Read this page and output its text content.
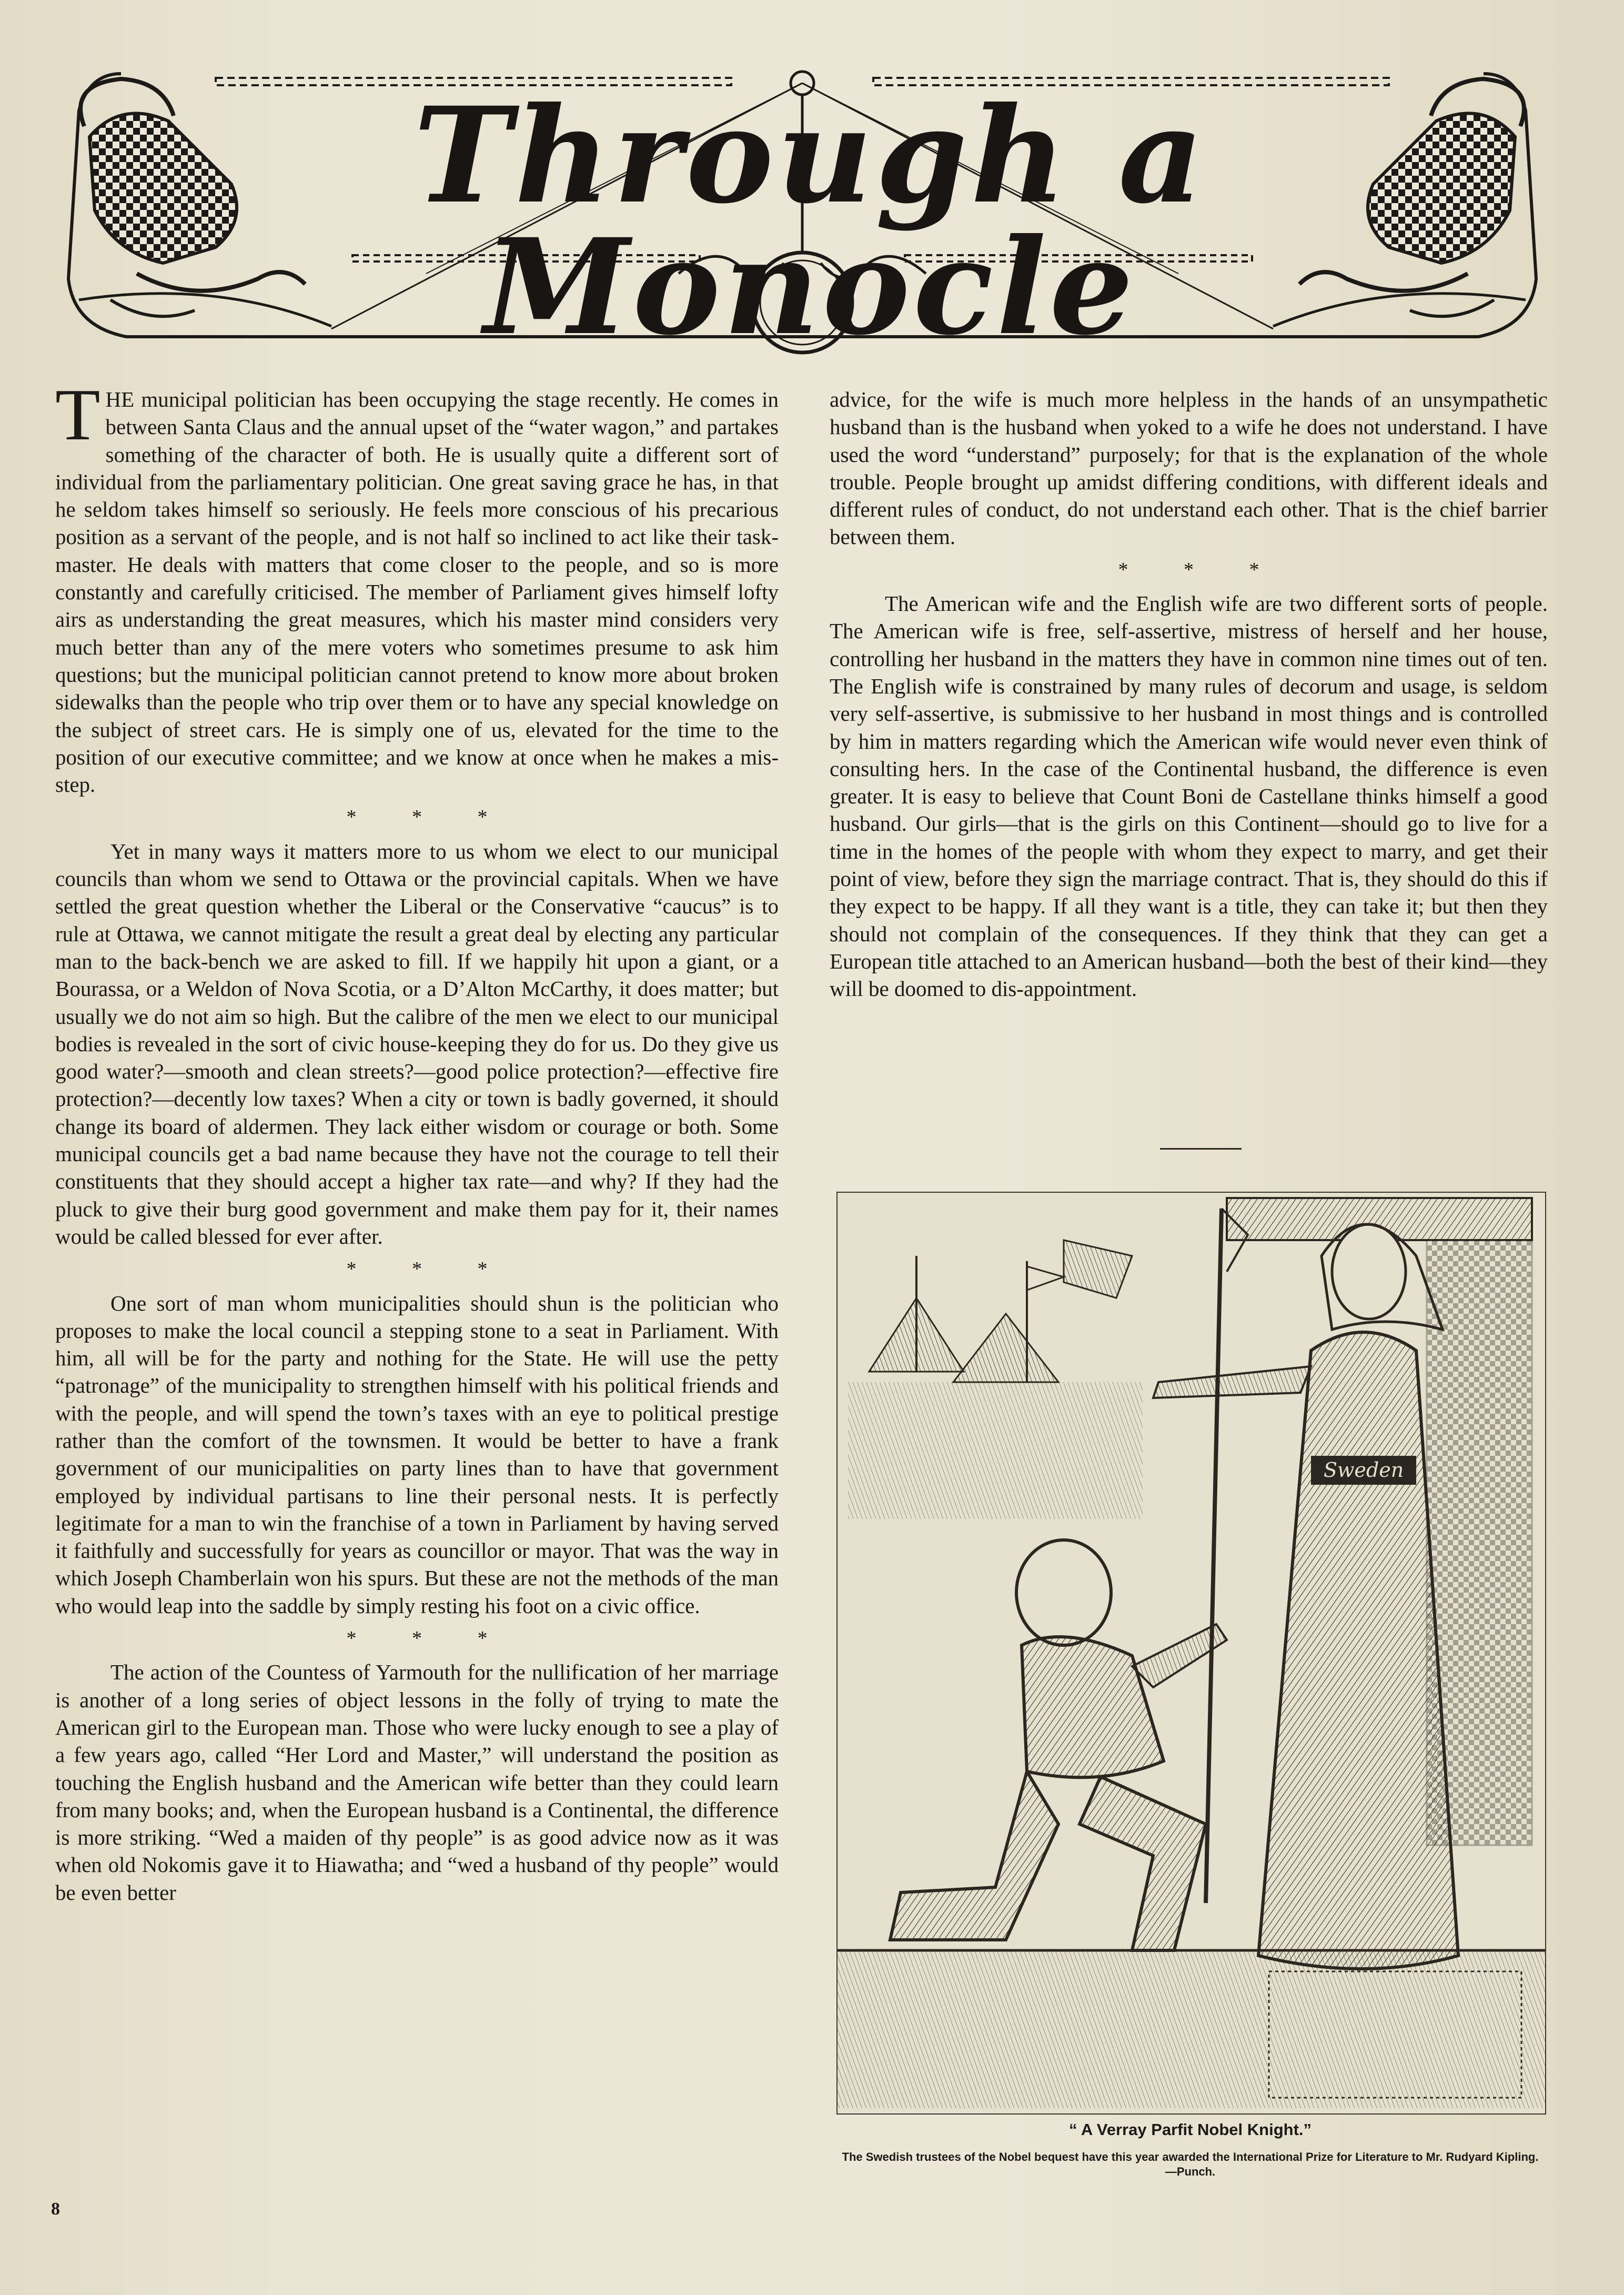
Through a Monocle

THE municipal politician has been occupying the stage recently. He comes in between Santa Claus and the annual upset of the “water wagon,” and partakes something of the character of both. He is usually quite a different sort of individual from the parliamentary politician. One great saving grace he has, in that he seldom takes himself so seriously. He feels more conscious of his precarious position as a servant of the people, and is not half so inclined to act like their task-master. He deals with matters that come closer to the people, and so is more constantly and carefully criticised. The member of Parliament gives himself lofty airs as understanding the great measures, which his master mind considers very much better than any of the mere voters who sometimes presume to ask him questions; but the municipal politician cannot pretend to know more about broken sidewalks than the people who trip over them or to have any special knowledge on the subject of street cars. He is simply one of us, elevated for the time to the position of our executive committee; and we know at once when he makes a mis-step.

* * *

Yet in many ways it matters more to us whom we elect to our municipal councils than whom we send to Ottawa or the provincial capitals. When we have settled the great question whether the Liberal or the Conservative “caucus” is to rule at Ottawa, we cannot mitigate the result a great deal by electing any particular man to the back-bench we are asked to fill. If we happily hit upon a giant, or a Bourassa, or a Weldon of Nova Scotia, or a D’Alton McCarthy, it does matter; but usually we do not aim so high. But the calibre of the men we elect to our municipal bodies is revealed in the sort of civic house-keeping they do for us. Do they give us good water?—smooth and clean streets?—good police protection?—effective fire protection?—decently low taxes? When a city or town is badly governed, it should change its board of aldermen. They lack either wisdom or courage or both. Some municipal councils get a bad name because they have not the courage to tell their constituents that they should accept a higher tax rate—and why? If they had the pluck to give their burg good government and make them pay for it, their names would be called blessed for ever after.

* * *

One sort of man whom municipalities should shun is the politician who proposes to make the local council a stepping stone to a seat in Parliament. With him, all will be for the party and nothing for the State. He will use the petty “patronage” of the municipality to strengthen himself with his political friends and with the people, and will spend the town’s taxes with an eye to political prestige rather than the comfort of the townsmen. It would be better to have a frank government of our municipalities on party lines than to have that government employed by individual partisans to line their personal nests. It is perfectly legitimate for a man to win the franchise of a town in Parliament by having served it faithfully and successfully for years as councillor or mayor. That was the way in which Joseph Chamberlain won his spurs. But these are not the methods of the man who would leap into the saddle by simply resting his foot on a civic office.

* * *

The action of the Countess of Yarmouth for the nullification of her marriage is another of a long series of object lessons in the folly of trying to mate the American girl to the European man. Those who were lucky enough to see a play of a few years ago, called “Her Lord and Master,” will understand the position as touching the English husband and the American wife better than they could learn from many books; and, when the European husband is a Continental, the difference is more striking. “Wed a maiden of thy people” is as good advice now as it was when old Nokomis gave it to Hiawatha; and “wed a husband of thy people” would be even better

advice, for the wife is much more helpless in the hands of an unsympathetic husband than is the husband when yoked to a wife he does not understand. I have used the word “understand” purposely; for that is the explanation of the whole trouble. People brought up amidst differing conditions, with different ideals and different rules of conduct, do not understand each other. That is the chief barrier between them.

* * *

The American wife and the English wife are two different sorts of people. The American wife is free, self-assertive, mistress of herself and her house, controlling her husband in the matters they have in common nine times out of ten. The English wife is constrained by many rules of decorum and usage, is seldom very self-assertive, is submissive to her husband in most things and is controlled by him in matters regarding which the American wife would never even think of consulting hers. In the case of the Continental husband, the difference is even greater. It is easy to believe that Count Boni de Castellane thinks himself a good husband. Our girls—that is the girls on this Continent—should go to live for a time in the homes of the people with whom they expect to marry, and get their point of view, before they sign the marriage contract. That is, they should do this if they expect to be happy. If all they want is a title, they can take it; but then they should not complain of the consequences. If they think that they can get a European title attached to an American husband—both the best of their kind—they will be doomed to dis-appointment.

Sweden
“ A Verray Parfit Nobel Knight.”
The Swedish trustees of the Nobel bequest have this year awarded the International Prize for Literature to Mr. Rudyard Kipling.—Punch.
8
